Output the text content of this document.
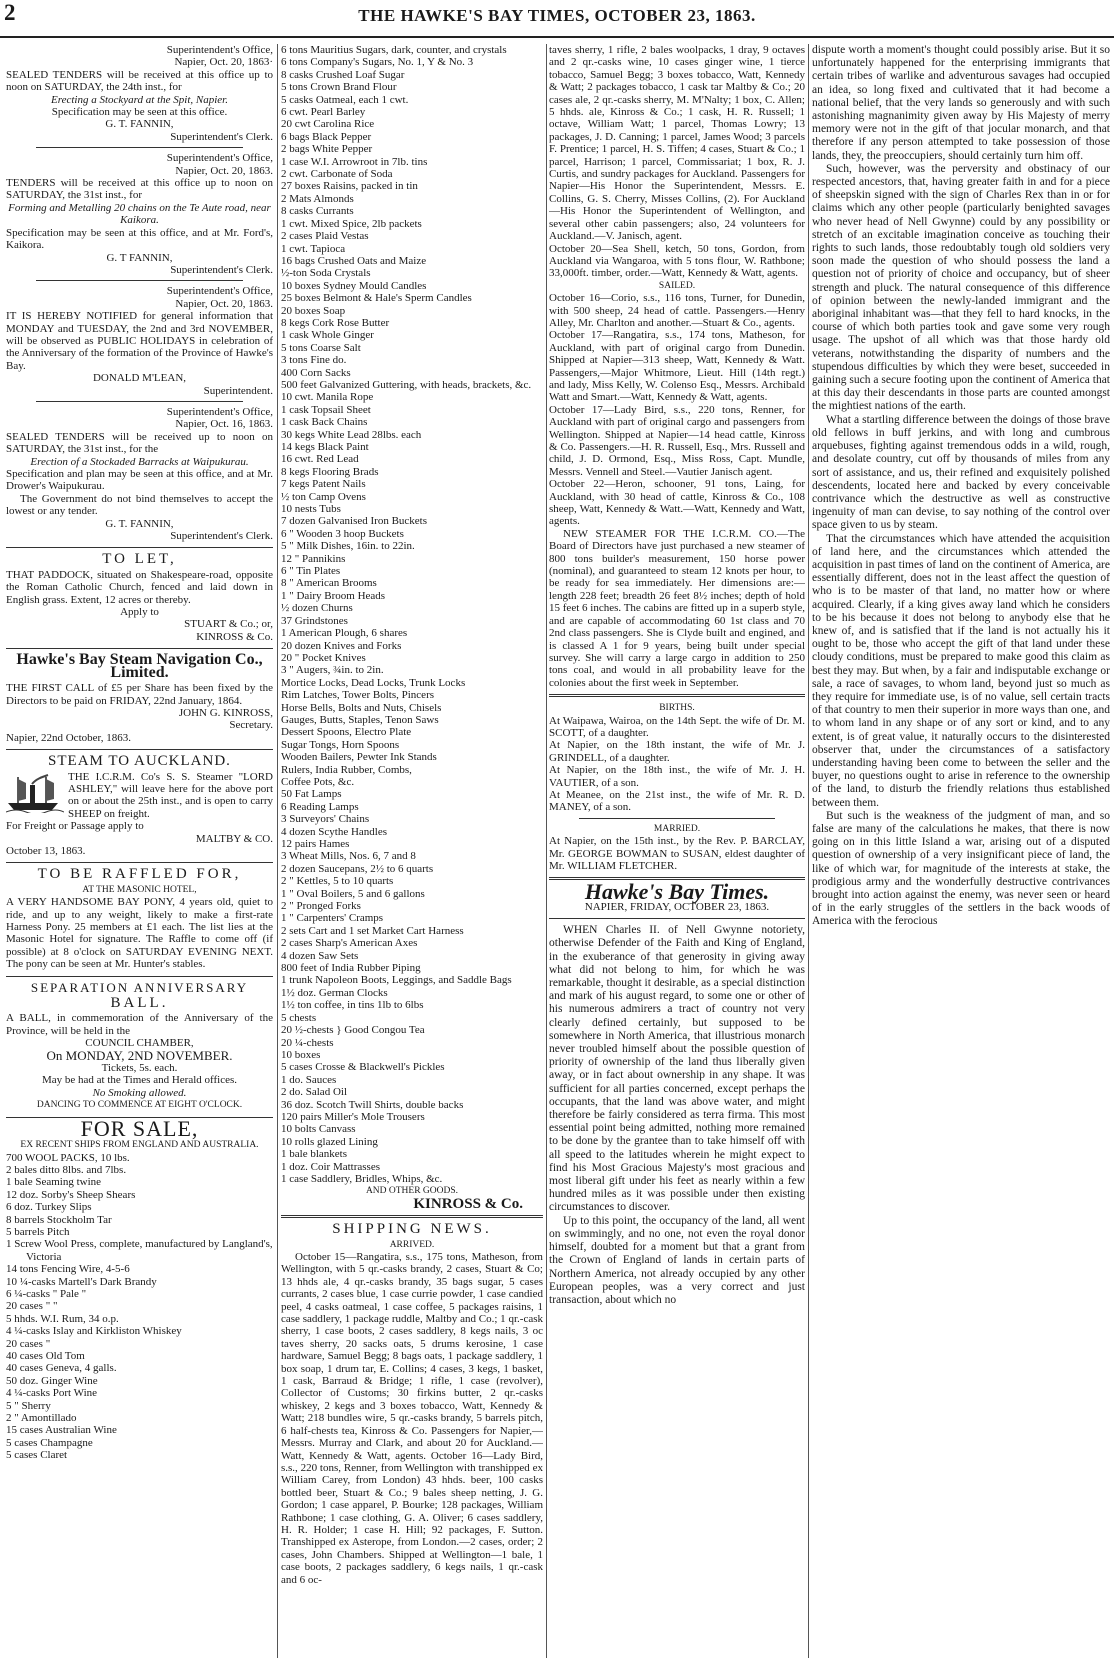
2	THE HAWKE'S BAY TIMES, OCTOBER 23, 1863.

Superintendent's Office,

Napier, Oct. 20, 1863·

SEALED TENDERS will be received at this office up to noon on SATURDAY, the 24th inst., for

Erecting a Stockyard at the Spit, Napier.

Specification may be seen at this office.

G. T. FANNIN,

Superintendent's Clerk.

Superintendent's Office,

Napier, Oct. 20, 1863.

TENDERS will be received at this office up to noon on SATURDAY, the 31st inst., for

Forming and Metalling 20 chains on the Te Aute road, near Kaikora.

Specification may be seen at this office, and at Mr. Ford's, Kaikora.

G. T FANNIN,

Superintendent's Clerk.

Superintendent's Office,

Napier, Oct. 20, 1863.

IT IS HEREBY NOTIFIED for general information that MONDAY and TUESDAY, the 2nd and 3rd NOVEMBER, will be observed as PUBLIC HOLIDAYS in celebration of the Anniversary of the formation of the Province of Hawke's Bay.

DONALD M'LEAN,

Superintendent.

Superintendent's Office,

Napier, Oct. 16, 1863.

SEALED TENDERS will be received up to noon on SATURDAY, the 31st inst., for the

Erection of a Stockaded Barracks at Waipukurau.

Specification and plan may be seen at this office, and at Mr. Drower's Waipukurau.

The Government do not bind themselves to accept the lowest or any tender.

G. T. FANNIN,

Superintendent's Clerk.

TO LET,

THAT PADDOCK, situated on Shakespeare-road, opposite the Roman Catholic Church, fenced and laid down in English grass. Extent, 12 acres or thereby.

Apply to

STUART & Co.; or,

KINROSS & Co.

Hawke's Bay Steam Navigation Co., Limited.

THE FIRST CALL of £5 per Share has been fixed by the Directors to be paid on FRIDAY, 22nd January, 1864.

JOHN G. KINROSS,

Secretary.

Napier, 22nd October, 1863.

STEAM TO AUCKLAND.

THE I.C.R.M. Co's S. S. Steamer "LORD ASHLEY," will leave here for the above port on or about the 25th inst., and is open to carry SHEEP on freight.

For Freight or Passage apply to

MALTBY & CO.

October 13, 1863.

TO BE RAFFLED FOR,

AT THE MASONIC HOTEL,

A VERY HANDSOME BAY PONY, 4 years old, quiet to ride, and up to any weight, likely to make a first-rate Harness Pony. 25 members at £1 each. The list lies at the Masonic Hotel for signature. The Raffle to come off (if possible) at 8 o'clock on SATURDAY EVENING NEXT. The pony can be seen at Mr. Hunter's stables.

SEPARATION ANNIVERSARY

BALL.

A BALL, in commemoration of the Anniversary of the Province, will be held in the

COUNCIL CHAMBER,

On MONDAY, 2ND NOVEMBER.

Tickets, 5s. each.

May be had at the Times and Herald offices.

No Smoking allowed.

DANCING TO COMMENCE AT EIGHT O'CLOCK.

FOR SALE,

EX RECENT SHIPS FROM ENGLAND AND AUSTRALIA.

700 WOOL PACKS, 10 lbs.

2 bales ditto 8lbs. and 7lbs.

1 bale Seaming twine

12 doz. Sorby's Sheep Shears

6 doz. Turkey Slips

8 barrels Stockholm Tar

5 barrels Pitch

1 Screw Wool Press, complete, manufactured by Langland's, Victoria

14 tons Fencing Wire, 4-5-6

10 ¼-casks Martell's Dark Brandy

6 ¼-casks " Pale "

20 cases " "

5 hhds. W.I. Rum, 34 o.p.

4 ¼-casks Islay and Kirkliston Whiskey

20 cases "

40 cases Old Tom

40 cases Geneva, 4 galls.

50 doz. Ginger Wine

4 ¼-casks Port Wine

5 " Sherry

2 " Amontillado

15 cases Australian Wine

5 cases Champagne

5 cases Claret

6 tons Mauritius Sugars, dark, counter, and crystals

6 tons Company's Sugars, No. 1, Y & No. 3

8 casks Crushed Loaf Sugar

5 tons Crown Brand Flour

5 casks Oatmeal, each 1 cwt.

6 cwt. Pearl Barley

20 cwt Carolina Rice

6 bags Black Pepper

2 bags White Pepper

1 case W.I. Arrowroot in 7lb. tins

2 cwt. Carbonate of Soda

27 boxes Raisins, packed in tin

2 Mats Almonds

8 casks Currants

1 cwt. Mixed Spice, 2lb packets

2 cases Plaid Vestas

1 cwt. Tapioca

16 bags Crushed Oats and Maize

½-ton Soda Crystals

10 boxes Sydney Mould Candles

25 boxes Belmont & Hale's Sperm Candles

20 boxes Soap

8 kegs Cork Rose Butter

1 cask Whole Ginger

5 tons Coarse Salt

3 tons Fine do.

400 Corn Sacks

500 feet Galvanized Guttering, with heads, brackets, &c.

10 cwt. Manila Rope

1 cask Topsail Sheet

1 cask Back Chains

30 kegs White Lead 28lbs. each

14 kegs Black Paint

16 cwt. Red Lead

8 kegs Flooring Brads

7 kegs Patent Nails

½ ton Camp Ovens

10 nests Tubs

7 dozen Galvanised Iron Buckets

6 " Wooden 3 hoop Buckets

5 " Milk Dishes, 16in. to 22in.

12 " Pannikins

6 " Tin Plates

8 " American Brooms

1 " Dairy Broom Heads

½ dozen Churns

37 Grindstones

1 American Plough, 6 shares

20 dozen Knives and Forks

20 " Pocket Knives

3 " Augers, ¾in. to 2in.

Mortice Locks, Dead Locks, Trunk Locks

Rim Latches, Tower Bolts, Pincers

Horse Bells, Bolts and Nuts, Chisels

Gauges, Butts, Staples, Tenon Saws

Dessert Spoons, Electro Plate

Sugar Tongs, Horn Spoons

Wooden Bailers, Pewter Ink Stands

Rulers, India Rubber, Combs,

Coffee Pots, &c.

50 Fat Lamps

6 Reading Lamps

3 Surveyors' Chains

4 dozen Scythe Handles

12 pairs Hames

3 Wheat Mills, Nos. 6, 7 and 8

2 dozen Saucepans, 2½ to 6 quarts

2 " Kettles, 5 to 10 quarts

1 " Oval Boilers, 5 and 6 gallons

2 " Pronged Forks

1 " Carpenters' Cramps

2 sets Cart and 1 set Market Cart Harness

2 cases Sharp's American Axes

4 dozen Saw Sets

800 feet of India Rubber Piping

1 trunk Napoleon Boots, Leggings, and Saddle Bags

1½ doz. German Clocks

1½ ton coffee, in tins 1lb to 6lbs

5 chests

20 ½-chests } Good Congou Tea

20 ¼-chests

10 boxes

5 cases Crosse & Blackwell's Pickles

1 do. Sauces

2 do. Salad Oil

36 doz. Scotch Twill Shirts, double backs

120 pairs Miller's Mole Trousers

10 bolts Canvass

10 rolls glazed Lining

1 bale blankets

1 doz. Coir Mattrasses

1 case Saddlery, Bridles, Whips, &c.

AND OTHER GOODS.

KINROSS & Co.

SHIPPING NEWS.

ARRIVED.

October 15—Rangatira, s.s., 175 tons, Matheson, from Wellington, with 5 qr.-casks brandy, 2 cases, Stuart & Co; 13 hhds ale, 4 qr.-casks brandy, 35 bags sugar, 5 cases currants, 2 cases blue, 1 case currie powder, 1 case candied peel, 4 casks oatmeal, 1 case coffee, 5 packages raisins, 1 case saddlery, 1 package ruddle, Maltby and Co.; 1 qr.-cask sherry, 1 case boots, 2 cases saddlery, 8 kegs nails, 3 oc taves sherry, 20 sacks oats, 5 drums kerosine, 1 case hardware, Samuel Begg; 8 bags oats, 1 package saddlery, 1 box soap, 1 drum tar, E. Collins; 4 cases, 3 kegs, 1 basket, 1 cask, Barraud & Bridge; 1 rifle, 1 case (revolver), Collector of Customs; 30 firkins butter, 2 qr.-casks whiskey, 2 kegs and 3 boxes tobacco, Watt, Kennedy & Watt; 218 bundles wire, 5 qr.-casks brandy, 5 barrels pitch, 6 half-chests tea, Kinross & Co. Passengers for Napier,—Messrs. Murray and Clark, and about 20 for Auckland.—Watt, Kennedy & Watt, agents. October 16—Lady Bird, s.s., 220 tons, Renner, from Wellington with transhipped ex William Carey, from London) 43 hhds. beer, 100 casks bottled beer, Stuart & Co.; 9 bales sheep netting, J. G. Gordon; 1 case apparel, P. Bourke; 128 packages, William Rathbone; 1 case clothing, G. A. Oliver; 6 cases saddlery, H. R. Holder; 1 case H. Hill; 92 packages, F. Sutton. Transhipped ex Asterope, from London.—2 cases, order; 2 cases, John Chambers. Shipped at Wellington—1 bale, 1 case boots, 2 packages saddlery, 6 kegs nails, 1 qr.-cask and 6 oc-

taves sherry, 1 rifle, 2 bales woolpacks, 1 dray, 9 octaves and 2 qr.-casks wine, 10 cases ginger wine, 1 tierce tobacco, Samuel Begg; 3 boxes tobacco, Watt, Kennedy & Watt; 2 packages tobacco, 1 cask tar Maltby & Co.; 20 cases ale, 2 qr.-casks sherry, M. M'Nalty; 1 box, C. Allen; 5 hhds. ale, Kinross & Co.; 1 cask, H. R. Russell; 1 octave, William Watt; 1 parcel, Thomas Lowry; 13 packages, J. D. Canning; 1 parcel, James Wood; 3 parcels F. Prentice; 1 parcel, H. S. Tiffen; 4 cases, Stuart & Co.; 1 parcel, Harrison; 1 parcel, Commissariat; 1 box, R. J. Curtis, and sundry packages for Auckland. Passengers for Napier—His Honor the Superintendent, Messrs. E. Collins, G. S. Cherry, Misses Collins, (2). For Auckland—His Honor the Superintendent of Wellington, and several other cabin passengers; also, 24 volunteers for Auckland.—V. Janisch, agent.

October 20—Sea Shell, ketch, 50 tons, Gordon, from Auckland via Wangaroa, with 5 tons flour, W. Rathbone; 33,000ft. timber, order.—Watt, Kennedy & Watt, agents.

SAILED.

October 16—Corio, s.s., 116 tons, Turner, for Dunedin, with 500 sheep, 24 head of cattle. Passengers.—Henry Alley, Mr. Charlton and another.—Stuart & Co., agents.

October 17—Rangatira, s.s., 174 tons, Matheson, for Auckland, with part of original cargo from Dunedin. Shipped at Napier—313 sheep, Watt, Kennedy & Watt. Passengers,—Major Whitmore, Lieut. Hill (14th regt.) and lady, Miss Kelly, W. Colenso Esq., Messrs. Archibald Watt and Smart.—Watt, Kennedy & Watt, agents.

October 17—Lady Bird, s.s., 220 tons, Renner, for Auckland with part of original cargo and passengers from Wellington. Shipped at Napier—14 head cattle, Kinross & Co. Passengers.—H. R. Russell, Esq., Mrs. Russell and child, J. D. Ormond, Esq., Miss Ross, Capt. Mundle, Messrs. Vennell and Steel.—Vautier Janisch agent.

October 22—Heron, schooner, 91 tons, Laing, for Auckland, with 30 head of cattle, Kinross & Co., 108 sheep, Watt, Kennedy & Watt.—Watt, Kennedy and Watt, agents.

NEW STEAMER FOR THE I.C.R.M. CO.—The Board of Directors have just purchased a new steamer of 800 tons builder's measurement, 150 horse power (nominal), and guaranteed to steam 12 knots per hour, to be ready for sea immediately. Her dimensions are:—length 228 feet; breadth 26 feet 8½ inches; depth of hold 15 feet 6 inches. The cabins are fitted up in a superb style, and are capable of accommodating 60 1st class and 70 2nd class passengers. She is Clyde built and engined, and is classed A 1 for 9 years, being built under special survey. She will carry a large cargo in addition to 250 tons coal, and would in all probability leave for the colonies about the first week in September.

BIRTHS.

At Waipawa, Wairoa, on the 14th Sept. the wife of Dr. M. SCOTT, of a daughter.

At Napier, on the 18th instant, the wife of Mr. J. GRINDELL, of a daughter.

At Napier, on the 18th inst., the wife of Mr. J. H. VAUTIER, of a son.

At Meanee, on the 21st inst., the wife of Mr. R. D. MANEY, of a son.

MARRIED.

At Napier, on the 15th inst., by the Rev. P. BARCLAY, Mr. GEORGE BOWMAN to SUSAN, eldest daughter of Mr. WILLIAM FLETCHER.

Hawke's Bay Times.

NAPIER, FRIDAY, OCTOBER 23, 1863.

WHEN Charles II. of Nell Gwynne notoriety, otherwise Defender of the Faith and King of England, in the exuberance of that generosity in giving away what did not belong to him, for which he was remarkable, thought it desirable, as a special distinction and mark of his august regard, to some one or other of his numerous admirers a tract of country not very clearly defined certainly, but supposed to be somewhere in North America, that illustrious monarch never troubled himself about the possible question of priority of ownership of the land thus liberally given away, or in fact about ownership in any shape. It was sufficient for all parties concerned, except perhaps the occupants, that the land was above water, and might therefore be fairly considered as terra firma. This most essential point being admitted, nothing more remained to be done by the grantee than to take himself off with all speed to the latitudes wherein he might expect to find his Most Gracious Majesty's most gracious and most liberal gift under his feet as nearly within a few hundred miles as it was possible under then existing circumstances to discover.

Up to this point, the occupancy of the land, all went on swimmingly, and no one, not even the royal donor himself, doubted for a moment but that a grant from the Crown of England of lands in certain parts of Northern America, not already occupied by any other European peoples, was a very correct and just transaction, about which no

dispute worth a moment's thought could possibly arise. But it so unfortunately happened for the enterprising immigrants that certain tribes of warlike and adventurous savages had occupied an idea, so long fixed and cultivated that it had become a national belief, that the very lands so generously and with such astonishing magnanimity given away by His Majesty of merry memory were not in the gift of that jocular monarch, and that therefore if any person attempted to take possession of those lands, they, the preoccupiers, should certainly turn him off.

Such, however, was the perversity and obstinacy of our respected ancestors, that, having greater faith in and for a piece of sheepskin signed with the sign of Charles Rex than in or for claims which any other people (particularly benighted savages who never head of Nell Gwynne) could by any possibility or stretch of an excitable imagination conceive as touching their rights to such lands, those redoubtably tough old soldiers very soon made the question of who should possess the land a question not of priority of choice and occupancy, but of sheer strength and pluck. The natural consequence of this difference of opinion between the newly-landed immigrant and the aboriginal inhabitant was—that they fell to hard knocks, in the course of which both parties took and gave some very rough usage. The upshot of all which was that those hardy old veterans, notwithstanding the disparity of numbers and the stupendous difficulties by which they were beset, succeeded in gaining such a secure footing upon the continent of America that at this day their descendants in those parts are counted amongst the mightiest nations of the earth.

What a startling difference between the doings of those brave old fellows in buff jerkins, and with long and cumbrous arquebuses, fighting against tremendous odds in a wild, rough, and desolate country, cut off by thousands of miles from any sort of assistance, and us, their refined and exquisitely polished descendents, located here and backed by every conceivable contrivance which the destructive as well as constructive ingenuity of man can devise, to say nothing of the control over space given to us by steam.

That the circumstances which have attended the acquisition of land here, and the circumstances which attended the acquisition in past times of land on the continent of America, are essentially different, does not in the least affect the question of who is to be master of that land, no matter how or where acquired. Clearly, if a king gives away land which he considers to be his because it does not belong to anybody else that he knew of, and is satisfied that if the land is not actually his it ought to be, those who accept the gift of that land under these cloudy conditions, must be prepared to make good this claim as best they may. But when, by a fair and indisputable exchange or sale, a race of savages, to whom land, beyond just so much as they require for immediate use, is of no value, sell certain tracts of that country to men their superior in more ways than one, and to whom land in any shape or of any sort or kind, and to any extent, is of great value, it naturally occurs to the disinterested observer that, under the circumstances of a satisfactory understanding having been come to between the seller and the buyer, no questions ought to arise in reference to the ownership of the land, to disturb the friendly relations thus established between them.

But such is the weakness of the judgment of man, and so false are many of the calculations he makes, that there is now going on in this little Island a war, arising out of a disputed question of ownership of a very insignificant piece of land, the like of which war, for magnitude of the interests at stake, the prodigious army and the wonderfully destructive contrivances brought into action against the enemy, was never seen or heard of in the early struggles of the settlers in the back woods of America with the ferocious
